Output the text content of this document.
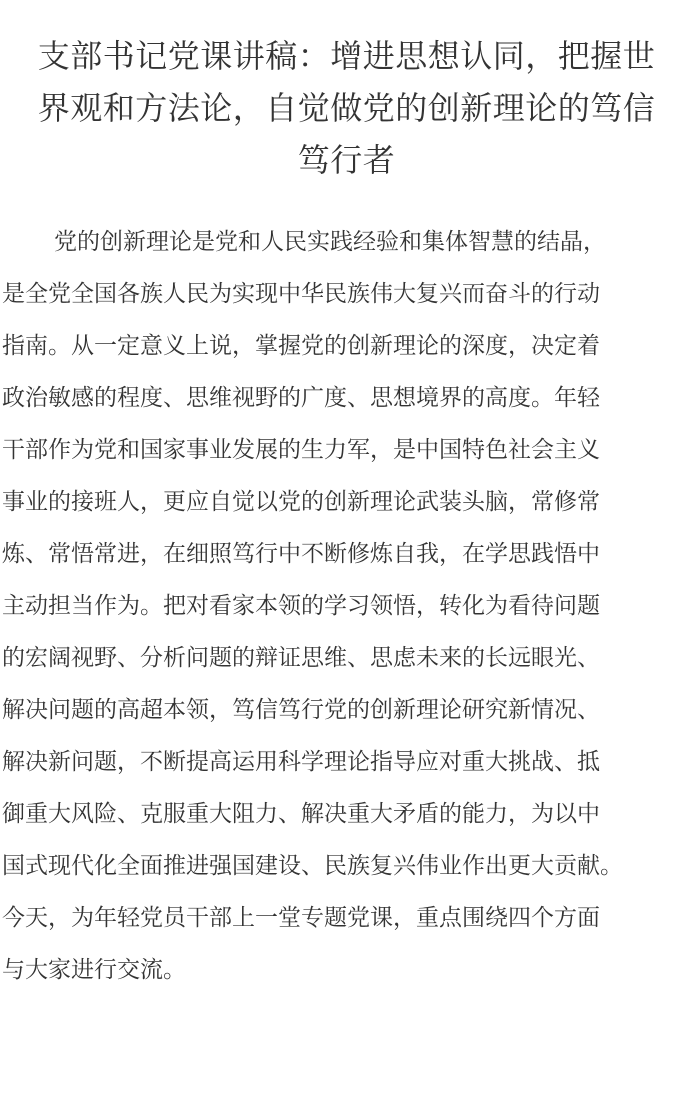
支部书记党课讲稿：增进思想认同，把握世
界观和方法论，自觉做党的创新理论的笃信
笃行者
党的创新理论是党和人民实践经验和集体智慧的结晶，
是全党全国各族人民为实现中华民族伟大复兴而奋斗的行动
指南。从一定意义上说，掌握党的创新理论的深度，决定着
政治敏感的程度、思维视野的广度、思想境界的高度。年轻
干部作为党和国家事业发展的生力军，是中国特色社会主义
事业的接班人，更应自觉以党的创新理论武装头脑，常修常
炼、常悟常进，在细照笃行中不断修炼自我，在学思践悟中
主动担当作为。把对看家本领的学习领悟，转化为看待问题
的宏阔视野、分析问题的辩证思维、思虑未来的长远眼光、
解决问题的高超本领，笃信笃行党的创新理论研究新情况、
解决新问题，不断提高运用科学理论指导应对重大挑战、抵
御重大风险、克服重大阻力、解决重大矛盾的能力，为以中
国式现代化全面推进强国建设、民族复兴伟业作出更大贡献。
今天，为年轻党员干部上一堂专题党课，重点围绕四个方面
与大家进行交流。
